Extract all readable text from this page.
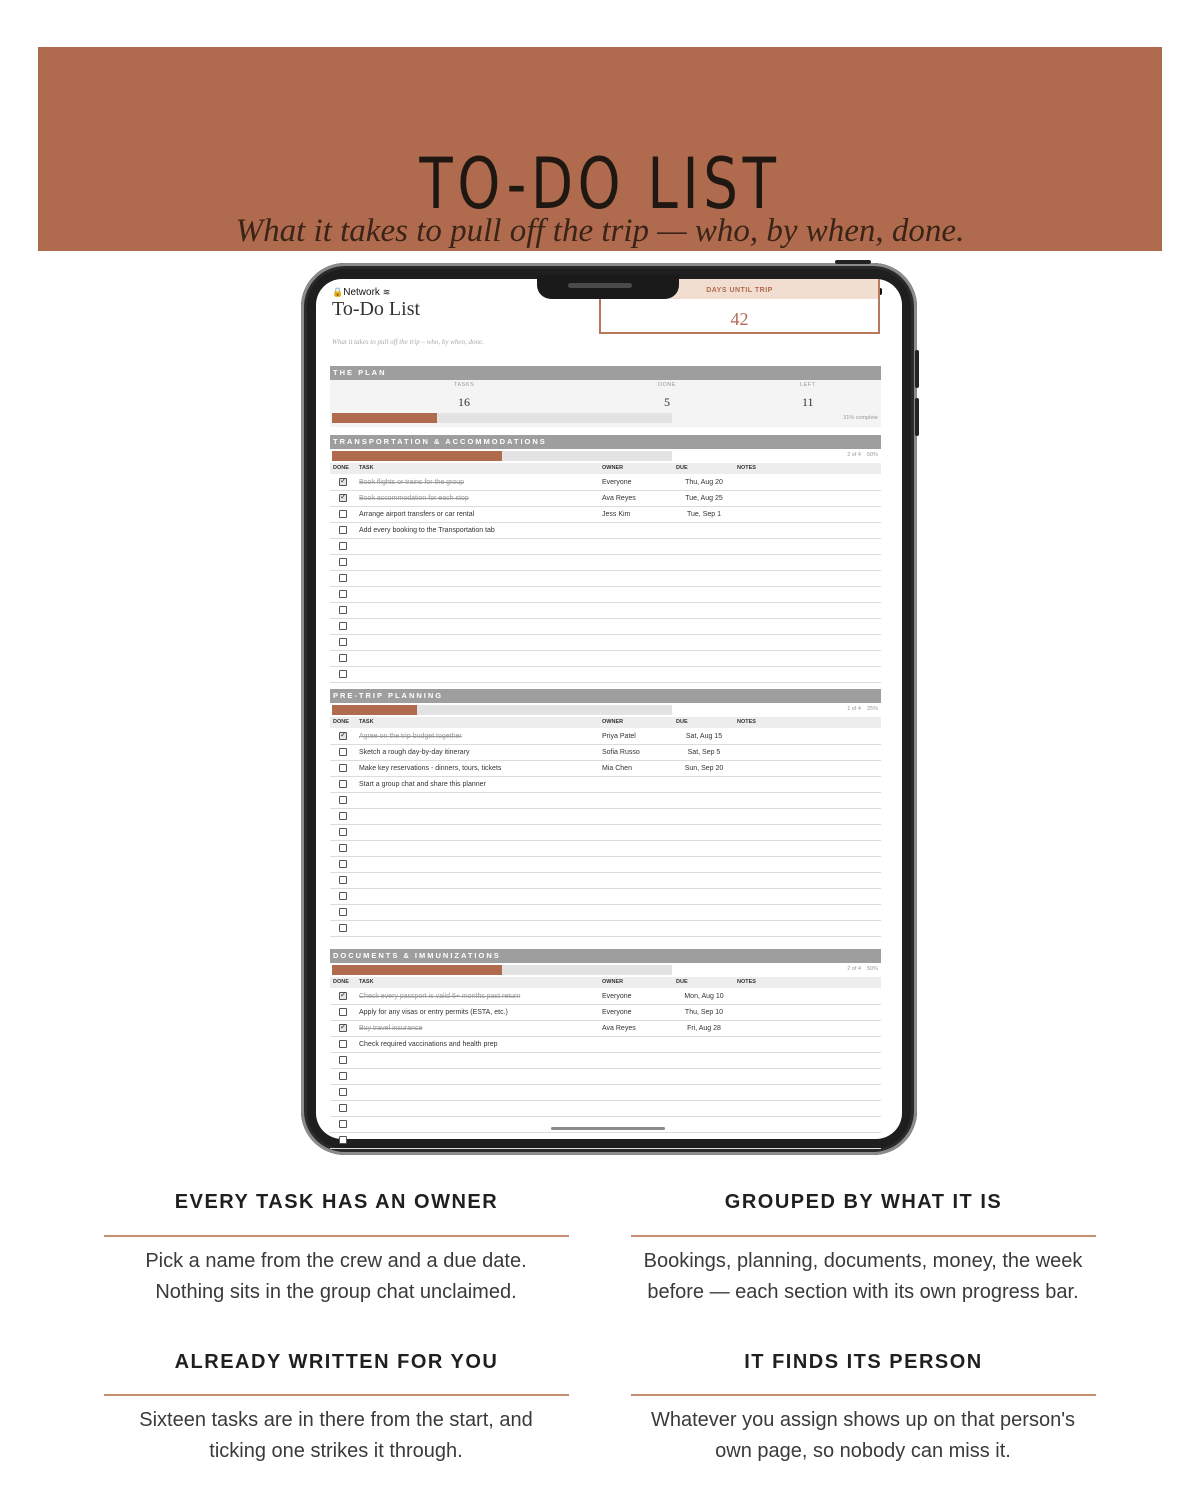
TO-DO LIST
What it takes to pull off the trip — who, by when, done.
🔒Network ≋
To-Do List
What it takes to pull off the trip – who, by when, done.
DAYS UNTIL TRIP
42
THE PLAN
TASKS
16
DONE
5
LEFT
11
31% complete
TRANSPORTATION & ACCOMMODATIONS
2 of 4 50%
DONE TASK	OWNER	DUE	NOTES
✓
Book flights or trains for the group	Everyone	Thu, Aug 20
✓
Book accommodation for each stop	Ava Reyes	Tue, Aug 25
Arrange airport transfers or car rental	Jess Kim	Tue, Sep 1
Add every booking to the Transportation tab
PRE-TRIP PLANNING
1 of 4 25%
DONE TASK	OWNER	DUE	NOTES
✓
Agree on the trip budget together	Priya Patel	Sat, Aug 15
Sketch a rough day-by-day itinerary	Sofia Russo	Sat, Sep 5
Make key reservations - dinners, tours, tickets	Mia Chen	Sun, Sep 20
Start a group chat and share this planner
DOCUMENTS & IMMUNIZATIONS
2 of 4 50%
DONE TASK	OWNER	DUE	NOTES
✓
Check every passport is valid 6+ months past return	Everyone	Mon, Aug 10
Apply for any visas or entry permits (ESTA, etc.)	Everyone	Thu, Sep 10
✓
Buy travel insurance	Ava Reyes	Fri, Aug 28
Check required vaccinations and health prep
EVERY TASK HAS AN OWNER
Pick a name from the crew and a due date.
Nothing sits in the group chat unclaimed.
GROUPED BY WHAT IT IS
Bookings, planning, documents, money, the week
before — each section with its own progress bar.
ALREADY WRITTEN FOR YOU
Sixteen tasks are in there from the start, and
ticking one strikes it through.
IT FINDS ITS PERSON
Whatever you assign shows up on that person's
own page, so nobody can miss it.
